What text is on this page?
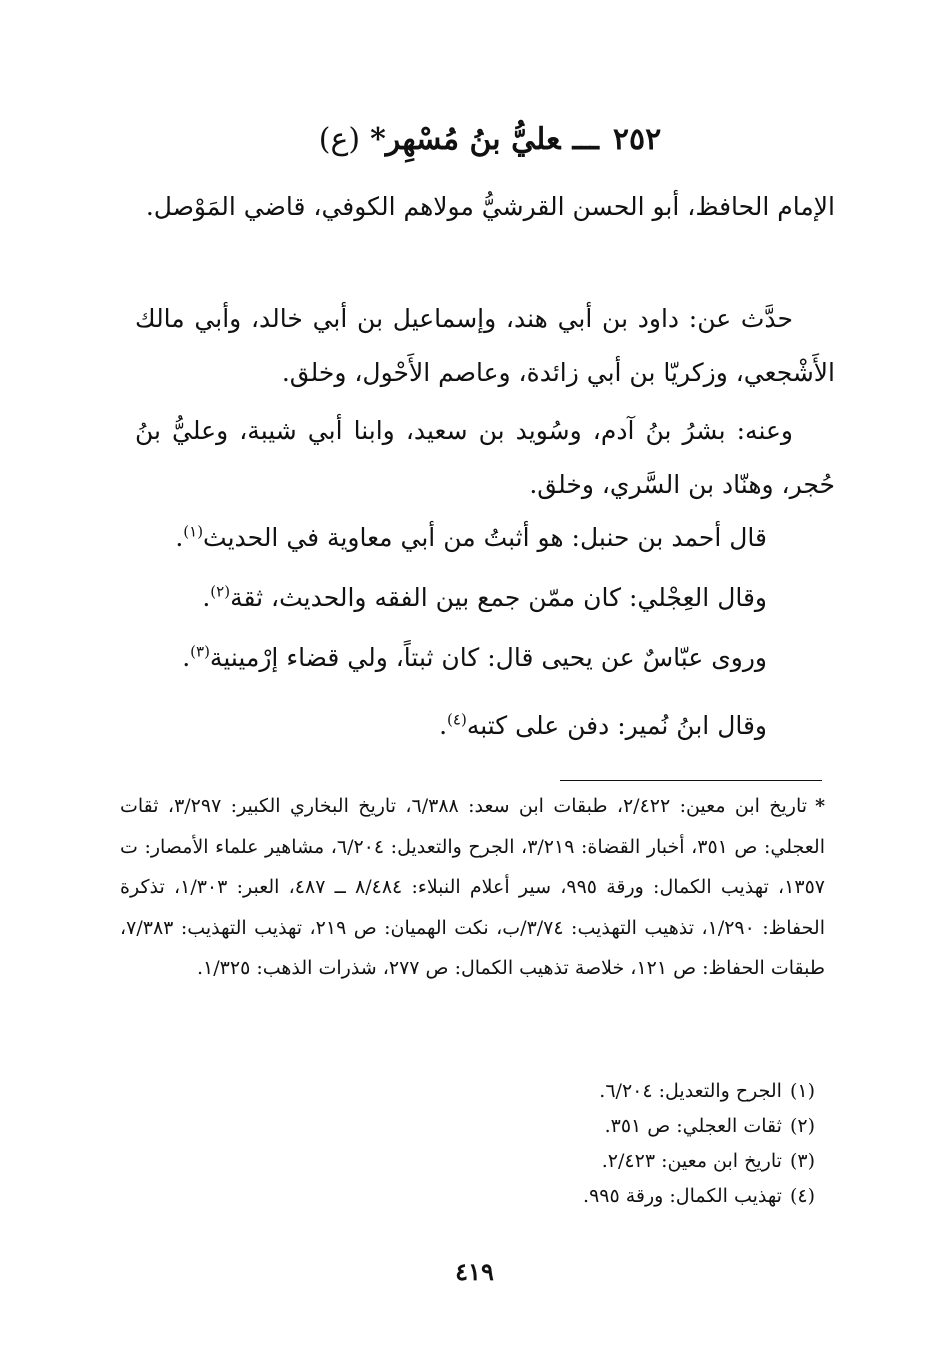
٢٥٢ـــعليُّ بنُ مُسْهِر*(ع)
الإمام الحافظ، أبو الحسن القرشيُّ مولاهم الكوفي، قاضي المَوْصل.
حدَّث عن: داود بن أبي هند، وإسماعيل بن أبي خالد، وأبي مالك الأَشْجعي، وزكريّا بن أبي زائدة، وعاصم الأَحْول، وخلق.
وعنه: بشرُ بنُ آدم، وسُويد بن سعيد، وابنا أبي شيبة، وعليُّ بنُ حُجر، وهنّاد بن السَّري، وخلق.
قال أحمد بن حنبل: هو أثبتُ من أبي معاوية في الحديث$^{(١)}$.
وقال العِجْلي: كان ممّن جمع بين الفقه والحديث، ثقة$^{(٢)}$.
وروى عبّاسٌ عن يحيى قال: كان ثبتاً، ولي قضاء إرْمينية$^{(٣)}$.
وقال ابنُ نُمير: دفن على كتبه$^{(٤)}$.
*تاريخ ابن معين: ٢/٤٢٢، طبقات ابن سعد: ٦/٣٨٨، تاريخ البخاري الكبير: ٣/٢٩٧، ثقات العجلي: ص ٣٥١، أخبار القضاة: ٣/٢١٩، الجرح والتعديل: ٦/٢٠٤، مشاهير علماء الأمصار: ت ١٣٥٧، تهذيب الكمال: ورقة ٩٩٥، سير أعلام النبلاء: ٨/٤٨٤ ــ ٤٨٧، العبر: ١/٣٠٣، تذكرة الحفاظ: ١/٢٩٠، تذهيب التهذيب: ٣/٧٤/ب، نكت الهميان: ص ٢١٩، تهذيب التهذيب: ٧/٣٨٣، طبقات الحفاظ: ص ١٢١، خلاصة تذهيب الكمال: ص ٢٧٧، شذرات الذهب: ١/٣٢٥.
(١)الجرح والتعديل: ٦/٢٠٤.
(٢)ثقات العجلي: ص ٣٥١.
(٣)تاريخ ابن معين: ٢/٤٢٣.
(٤)تهذيب الكمال: ورقة ٩٩٥.
٤١٩
